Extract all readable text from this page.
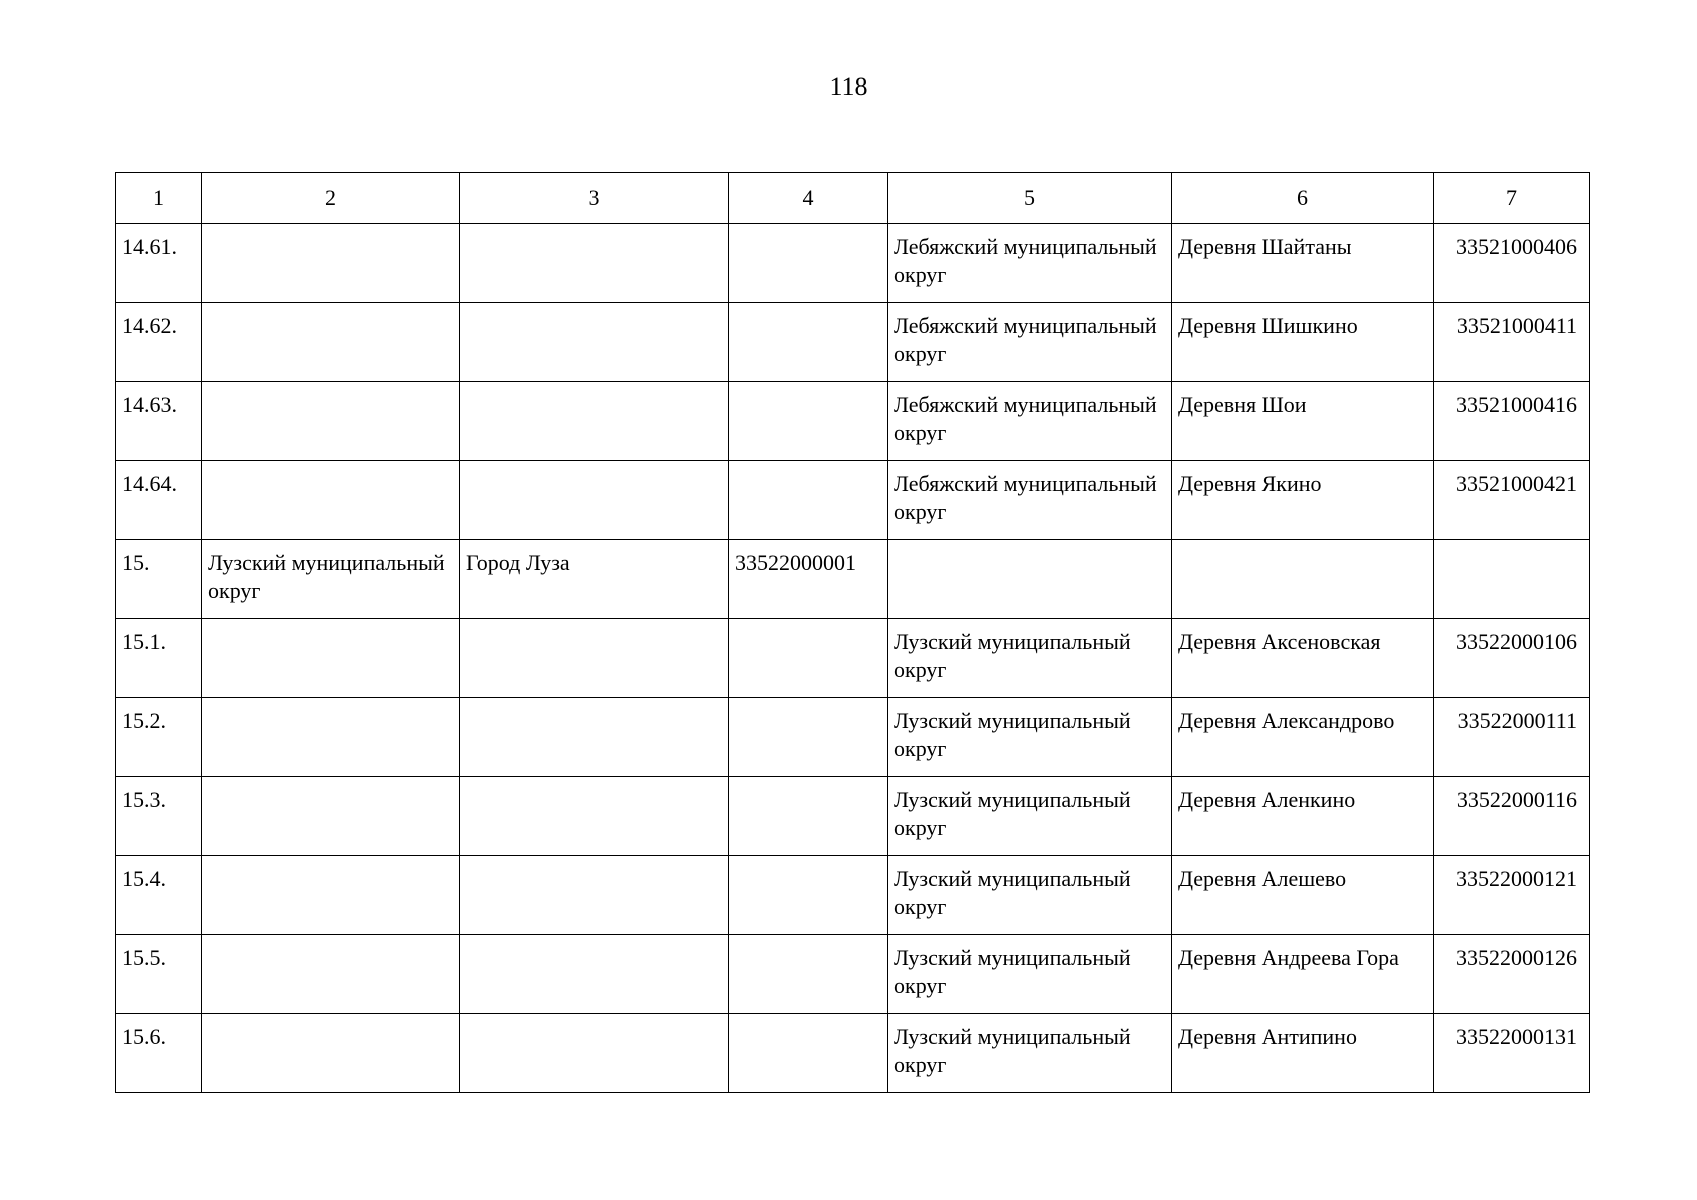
118
1	2	3	4	5	6	7
14.61.				Лебяжский муниципальный округ	Деревня Шайтаны	33521000406
14.62.				Лебяжский муниципальный округ	Деревня Шишкино	33521000411
14.63.				Лебяжский муниципальный округ	Деревня Шои	33521000416
14.64.				Лебяжский муниципальный округ	Деревня Якино	33521000421
15.	Лузский муниципальный округ	Город Луза	33522000001			
15.1.				Лузский муниципальный округ	Деревня Аксеновская	33522000106
15.2.				Лузский муниципальный округ	Деревня Александрово	33522000111
15.3.				Лузский муниципальный округ	Деревня Аленкино	33522000116
15.4.				Лузский муниципальный округ	Деревня Алешево	33522000121
15.5.				Лузский муниципальный округ	Деревня Андреева Гора	33522000126
15.6.				Лузский муниципальный округ	Деревня Антипино	33522000131
